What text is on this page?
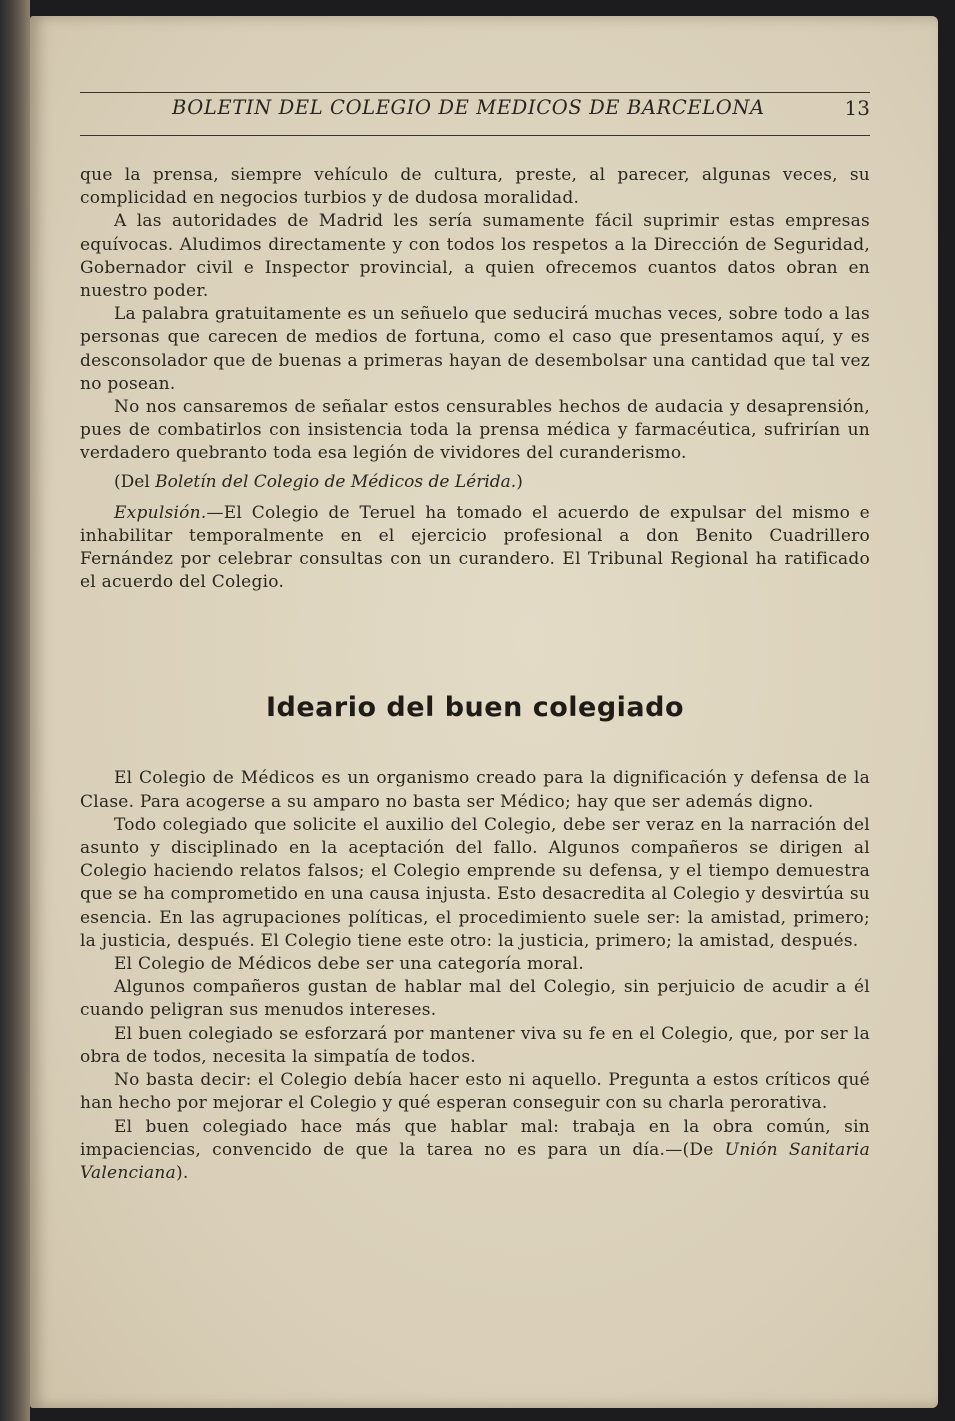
BOLETIN DEL COLEGIO DE MEDICOS DE BARCELONA	13

que la prensa, siempre vehículo de cultura, preste, al parecer, algunas veces, su complicidad en negocios turbios y de dudosa moralidad.

A las autoridades de Madrid les sería sumamente fácil suprimir estas empresas equívocas. Aludimos directamente y con todos los respetos a la Dirección de Seguridad, Gobernador civil e Inspector provincial, a quien ofrecemos cuantos datos obran en nuestro poder.

La palabra gratuitamente es un señuelo que seducirá muchas veces, sobre todo a las personas que carecen de medios de fortuna, como el caso que presentamos aquí, y es desconsolador que de buenas a primeras hayan de desembolsar una cantidad que tal vez no posean.

No nos cansaremos de señalar estos censurables hechos de audacia y desaprensión, pues de combatirlos con insistencia toda la prensa médica y farmacéutica, sufrirían un verdadero quebranto toda esa legión de vividores del curanderismo.

(Del Boletín del Colegio de Médicos de Lérida.)

Expulsión.—El Colegio de Teruel ha tomado el acuerdo de expulsar del mismo e inhabilitar temporalmente en el ejercicio profesional a don Benito Cuadrillero Fernández por celebrar consultas con un curandero. El Tribunal Regional ha ratificado el acuerdo del Colegio.

Ideario del buen colegiado

El Colegio de Médicos es un organismo creado para la dignificación y defensa de la Clase. Para acogerse a su amparo no basta ser Médico; hay que ser además digno.

Todo colegiado que solicite el auxilio del Colegio, debe ser veraz en la narración del asunto y disciplinado en la aceptación del fallo. Algunos compañeros se dirigen al Colegio haciendo relatos falsos; el Colegio emprende su defensa, y el tiempo demuestra que se ha comprometido en una causa injusta. Esto desacredita al Colegio y desvirtúa su esencia. En las agrupaciones políticas, el procedimiento suele ser: la amistad, primero; la justicia, después. El Colegio tiene este otro: la justicia, primero; la amistad, después.

El Colegio de Médicos debe ser una categoría moral.

Algunos compañeros gustan de hablar mal del Colegio, sin perjuicio de acudir a él cuando peligran sus menudos intereses.

El buen colegiado se esforzará por mantener viva su fe en el Colegio, que, por ser la obra de todos, necesita la simpatía de todos.

No basta decir: el Colegio debía hacer esto ni aquello. Pregunta a estos críticos qué han hecho por mejorar el Colegio y qué esperan conseguir con su charla perorativa.

El buen colegiado hace más que hablar mal: trabaja en la obra común, sin impaciencias, convencido de que la tarea no es para un día.—(De Unión Sanitaria Valenciana).
